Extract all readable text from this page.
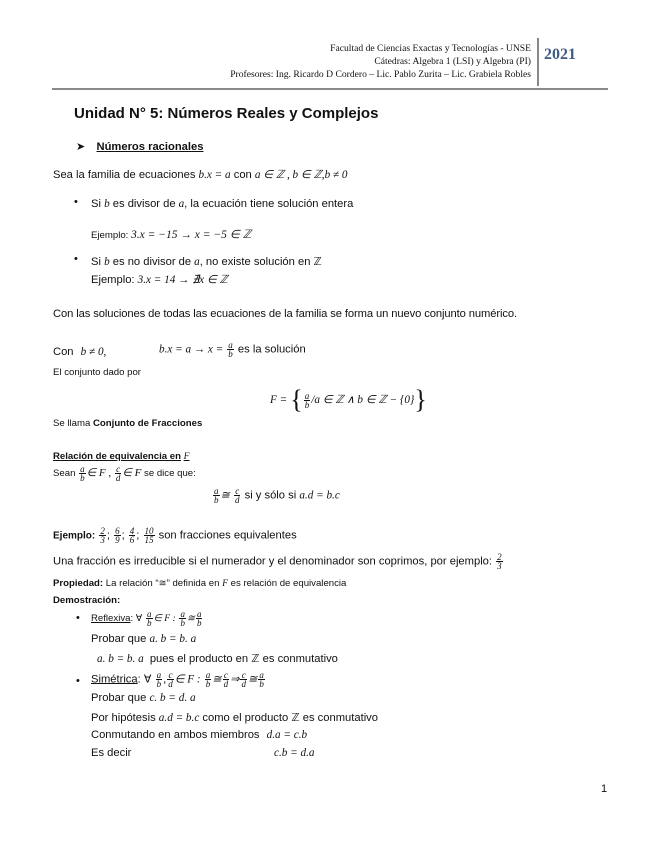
Facultad de Ciencias Exactas y Tecnologías - UNSE
Cátedras: Algebra 1 (LSI) y Algebra (PI)
Profesores: Ing. Ricardo D Cordero – Lic. Pablo Zurita – Lic. Grabiela Robles
2021
Unidad N° 5: Números Reales y Complejos
➤ Números racionales
Sea la familia de ecuaciones b.x = a con a ∈ ℤ , b ∈ ℤ,b ≠ 0
• Si b es divisor de a, la ecuación tiene solución entera
Ejemplo: 3.x = −15 → x = −5 ∈ ℤ
• Si b es no divisor de a, no existe solución en ℤ
Ejemplo: 3.x = 14 → ∄x ∈ ℤ
Con las soluciones de todas las ecuaciones de la familia se forma un nuevo conjunto numérico.
Con b ≠ 0,	$b.x = a \to x = \frac{a}{b}$ es la solución
El conjunto dado por
F = { $\frac{a}{b} /a$ ∈ ℤ ∧ b ∈ ℤ − {0}}
Se llama Conjunto de Fracciones
Relación de equivalencia en F
Sean $\frac{a}{b}$ ∈ F , $\frac{c}{d}$ ∈ F se dice que:
$\frac{a}{b}$ ≅ $\frac{c}{d}$ si y sólo si a.d = b.c
Ejemplo: $\frac{2}{3}$ ; $\frac{6}{9}$ ; $\frac{4}{6}$ ; $\frac{10}{15}$ son fracciones equivalentes
Una fracción es irreducible si el numerador y el denominador son coprimos, por ejemplo: $\frac{2}{3}$
Propiedad: La relación “≅” definida en F es relación de equivalencia
Demostración:
• Reflexiva: ∀ $\frac{a}{b}$ ∈ F : $\frac{a}{b}$ ≅ $\frac{a}{b}$
Probar que a. b = b. a
a. b = b. a pues el producto en ℤ es conmutativo
• Simétrica: ∀ $\frac{a}{b}$ , $\frac{c}{d}$ ∈ F : $\frac{a}{b}$ ≅ $\frac{c}{d}$ ⇒ $\frac{c}{d}$ ≅ $\frac{a}{b}$
Probar que c. b = d. a
Por hipótesis a.d = b.c como el producto ℤ es conmutativo
Conmutando en ambos miembros d.a = c.b
Es decir	c.b = d.a
1
